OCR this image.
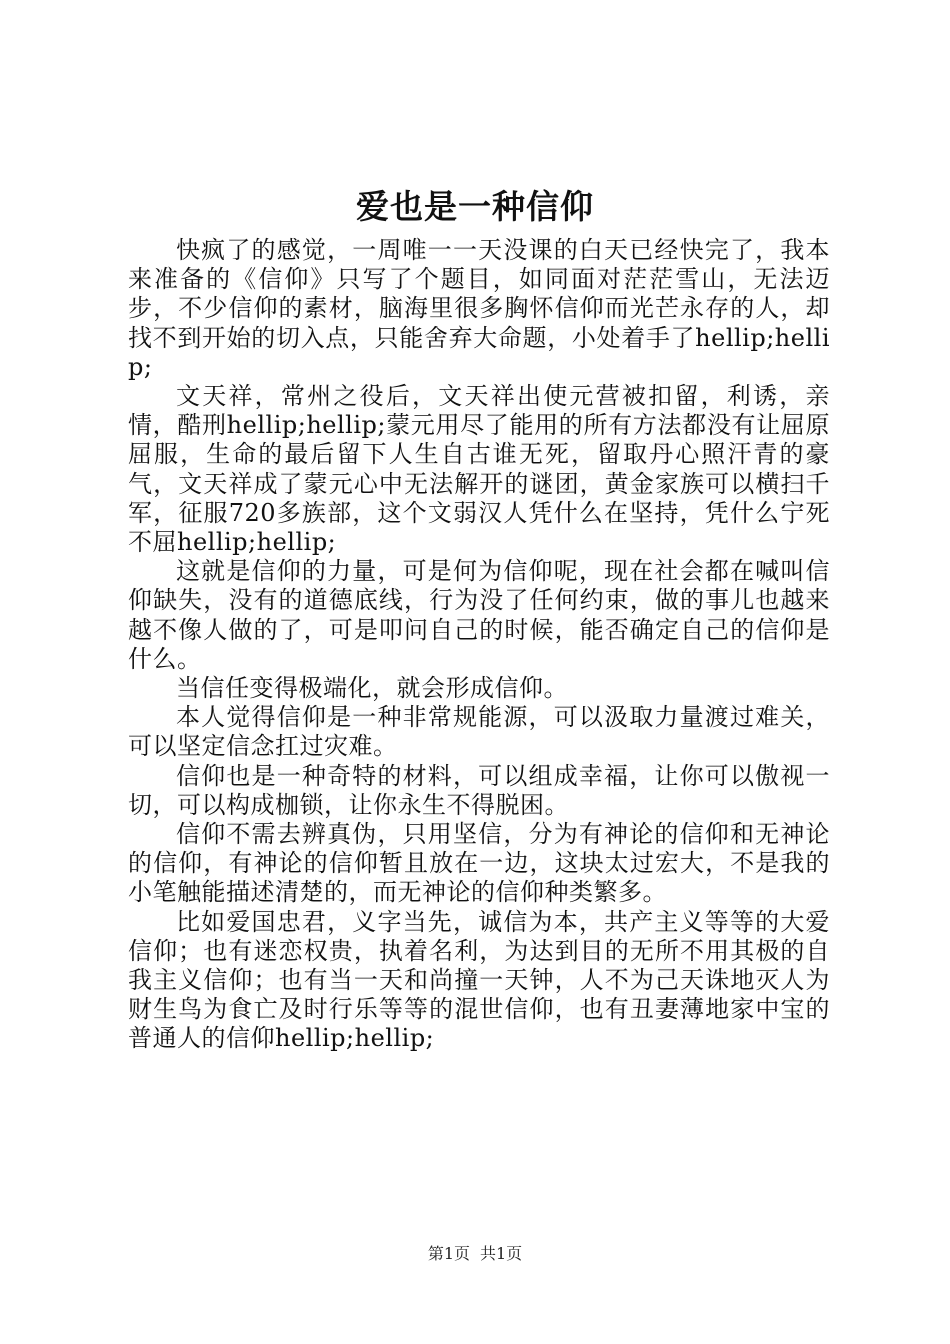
爱也是一种信仰

快疯了的感觉，一周唯一一天没课的白天已经快完了，我本来准备的《信仰》只写了个题目，如同面对茫茫雪山，无法迈步，不少信仰的素材，脑海里很多胸怀信仰而光芒永存的人，却找不到开始的切入点，只能舍弃大命题，小处着手了hellip;hellip;

文天祥，常州之役后，文天祥出使元营被扣留，利诱，亲情，酷刑hellip;hellip;蒙元用尽了能用的所有方法都没有让屈原屈服，生命的最后留下人生自古谁无死，留取丹心照汗青的豪气，文天祥成了蒙元心中无法解开的谜团，黄金家族可以横扫千军，征服720多族部，这个文弱汉人凭什么在坚持，凭什么宁死不屈hellip;hellip;

这就是信仰的力量，可是何为信仰呢，现在社会都在喊叫信仰缺失，没有的道德底线，行为没了任何约束，做的事儿也越来越不像人做的了，可是叩问自己的时候，能否确定自己的信仰是什么。

当信任变得极端化，就会形成信仰。

本人觉得信仰是一种非常规能源，可以汲取力量渡过难关，可以坚定信念扛过灾难。

信仰也是一种奇特的材料，可以组成幸福，让你可以傲视一切，可以构成枷锁，让你永生不得脱困。

信仰不需去辨真伪，只用坚信，分为有神论的信仰和无神论的信仰，有神论的信仰暂且放在一边，这块太过宏大，不是我的小笔触能描述清楚的，而无神论的信仰种类繁多。

比如爱国忠君，义字当先，诚信为本，共产主义等等的大爱信仰；也有迷恋权贵，执着名利，为达到目的无所不用其极的自我主义信仰；也有当一天和尚撞一天钟，人不为己天诛地灭人为财生鸟为食亡及时行乐等等的混世信仰，也有丑妻薄地家中宝的普通人的信仰hellip;hellip;

第1页 共1页
